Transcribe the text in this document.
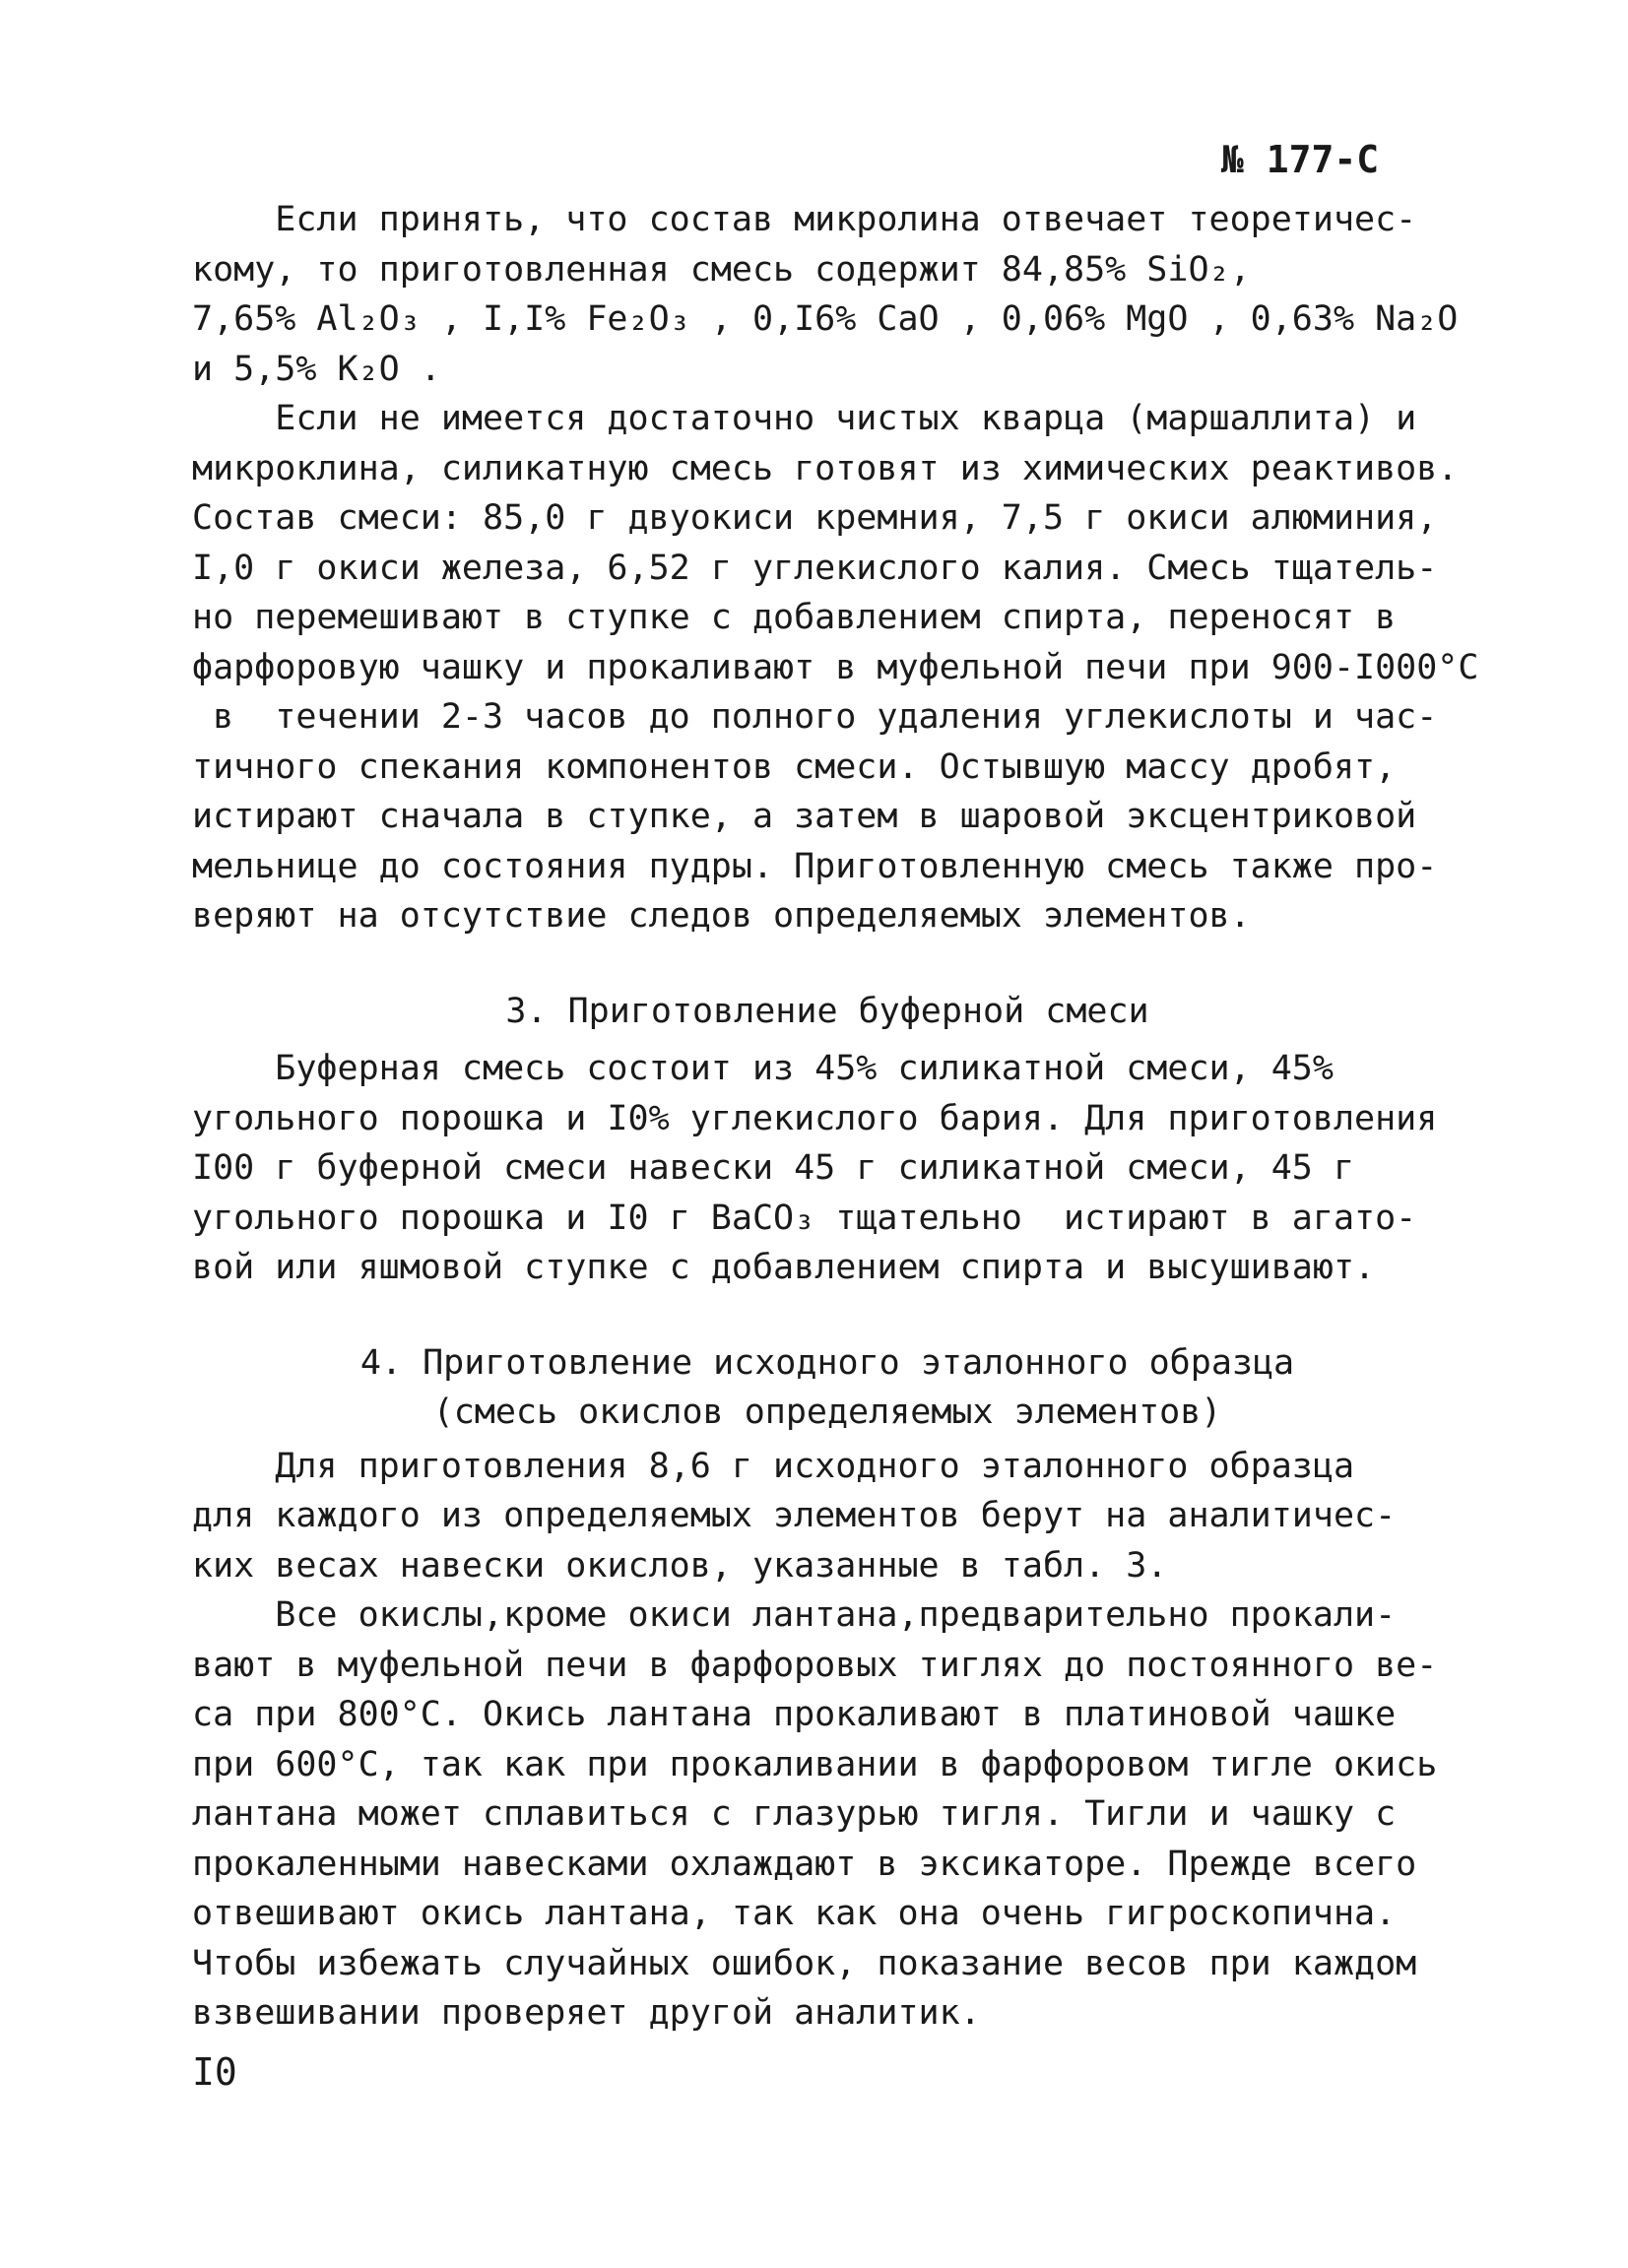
№ 177-С
Если принять, что состав микролина отвечает теоретичес-
кому, то приготовленная смесь содержит 84,85% SiO₂,
7,65% Al₂O₃ , I,I% Fe₂O₃ , 0,I6% CaO , 0,06% MgO , 0,63% Na₂O
и 5,5% K₂O .
Если не имеется достаточно чистых кварца (маршаллита) и
микроклина, силикатную смесь готовят из химических реактивов.
Состав смеси: 85,0 г двуокиси кремния, 7,5 г окиси алюминия,
I,0 г окиси железа, 6,52 г углекислого калия. Смесь тщатель-
но перемешивают в ступке с добавлением спирта, переносят в
фарфоровую чашку и прокаливают в муфельной печи при 900-I000°С
в  течении 2-3 часов до полного удаления углекислоты и час-
тичного спекания компонентов смеси. Остывшую массу дробят,
истирают сначала в ступке, а затем в шаровой эксцентриковой
мельнице до состояния пудры. Приготовленную смесь также про-
веряют на отсутствие следов определяемых элементов.
3. Приготовление буферной смеси
Буферная смесь состоит из 45% силикатной смеси, 45%
угольного порошка и I0% углекислого бария. Для приготовления
I00 г буферной смеси навески 45 г силикатной смеси, 45 г
угольного порошка и I0 г BaCO₃ тщательно  истирают в агато-
вой или яшмовой ступке с добавлением спирта и высушивают.
4. Приготовление исходного эталонного образца
(смесь окислов определяемых элементов)
Для приготовления 8,6 г исходного эталонного образца
для каждого из определяемых элементов берут на аналитичес-
ких весах навески окислов, указанные в табл. 3.
Все окислы,кроме окиси лантана,предварительно прокали-
вают в муфельной печи в фарфоровых тиглях до постоянного ве-
са при 800°С. Окись лантана прокаливают в платиновой чашке
при 600°С, так как при прокаливании в фарфоровом тигле окись
лантана может сплавиться с глазурью тигля. Тигли и чашку с
прокаленными навесками охлаждают в эксикаторе. Прежде всего
отвешивают окись лантана, так как она очень гигроскопична.
Чтобы избежать случайных ошибок, показание весов при каждом
взвешивании проверяет другой аналитик.
I0
